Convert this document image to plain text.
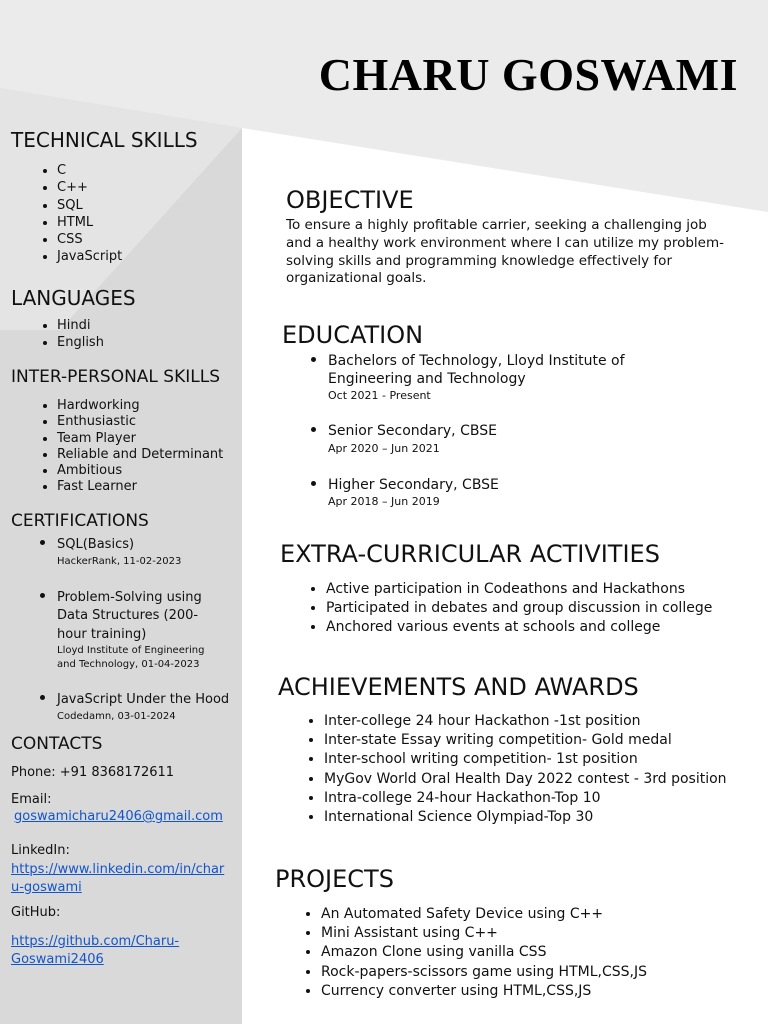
CHARU GOSWAMI
TECHNICAL SKILLS
• C
• C++
• SQL
• HTML
• CSS
• JavaScript
LANGUAGES
• Hindi
• English
INTER-PERSONAL SKILLS
• Hardworking
• Enthusiastic
• Team Player
• Reliable and Determinant
• Ambitious
• Fast Learner
CERTIFICATIONS
• SQL(Basics)
HackerRank, 11-02-2023
• Problem-Solving using Data Structures (200-hour training)
Lloyd Institute of Engineering and Technology, 01-04-2023
• JavaScript Under the Hood
Codedamn, 03-01-2024
CONTACTS

Phone: +91 8368172611

Email:

goswamicharu2406@gmail.com

LinkedIn:

https://www.linkedin.com/in/charu-goswami

GitHub:

https://github.com/Charu-Goswami2406
OBJECTIVE

To ensure a highly profitable carrier, seeking a challenging job and a healthy work environment where I can utilize my problem-solving skills and programming knowledge effectively for organizational goals.

EDUCATION
• Bachelors of Technology, Lloyd Institute of Engineering and Technology
Oct 2021 - Present
• Senior Secondary, CBSE
Apr 2020 – Jun 2021
• Higher Secondary, CBSE
Apr 2018 – Jun 2019
EXTRA-CURRICULAR ACTIVITIES
• Active participation in Codeathons and Hackathons
• Participated in debates and group discussion in college
• Anchored various events at schools and college
ACHIEVEMENTS AND AWARDS
• Inter-college 24 hour Hackathon -1st position
• Inter-state Essay writing competition- Gold medal
• Inter-school writing competition- 1st position
• MyGov World Oral Health Day 2022 contest - 3rd position
• Intra-college 24-hour Hackathon-Top 10
• International Science Olympiad-Top 30
PROJECTS
• An Automated Safety Device using C++
• Mini Assistant using C++
• Amazon Clone using vanilla CSS
• Rock-papers-scissors game using HTML,CSS,JS
• Currency converter using HTML,CSS,JS
